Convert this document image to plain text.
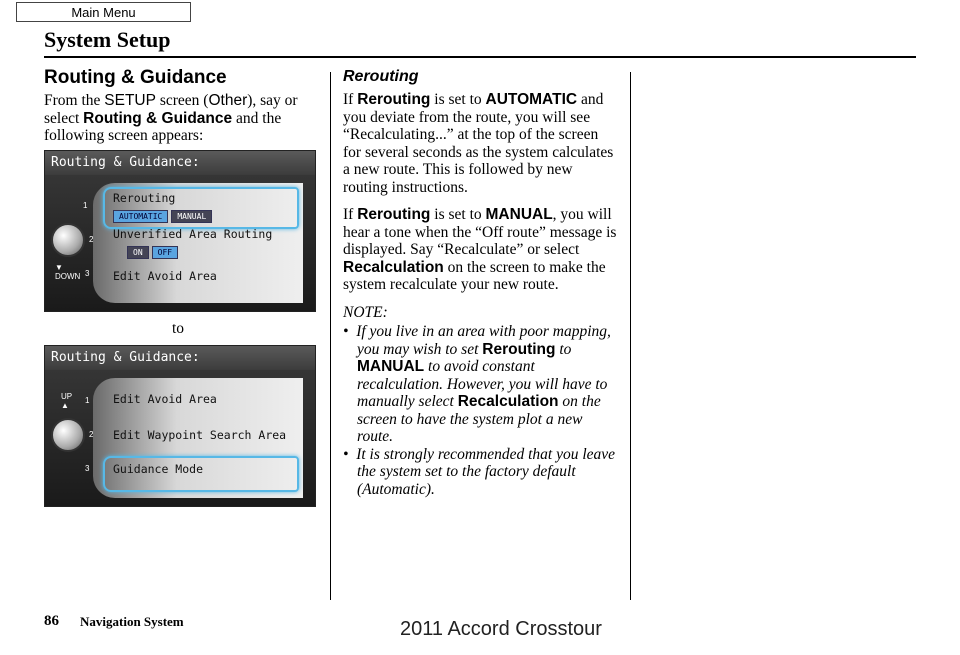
Main Menu
System Setup
Routing & Guidance
From the SETUP screen (Other), say or select Routing & Guidance and the following screen appears:
Routing & Guidance:
1
2
3
▼
DOWN
Rerouting
AUTOMATIC MANUAL
Unverified Area Routing
ON OFF
Edit Avoid Area
to
Routing & Guidance:
UP
▲
1
2
3
Edit Avoid Area
Edit Waypoint Search Area
Guidance Mode
Rerouting

If Rerouting is set to AUTOMATIC and you deviate from the route, you will see “Recalculating...” at the top of the screen for several seconds as the system calculates a new route. This is followed by new routing instructions.

If Rerouting is set to MANUAL, you will hear a tone when the “Off route” message is displayed. Say “Recalculate” or select Recalculation on the screen to make the system recalculate your new route.

NOTE:
•  If you live in an area with poor mapping, you may wish to set Rerouting to MANUAL to avoid constant recalculation. However, you will have to manually select Recalculation on the screen to have the system plot a new route.
•  It is strongly recommended that you leave the system set to the factory default (Automatic).
86 Navigation System	2011 Accord Crosstour
